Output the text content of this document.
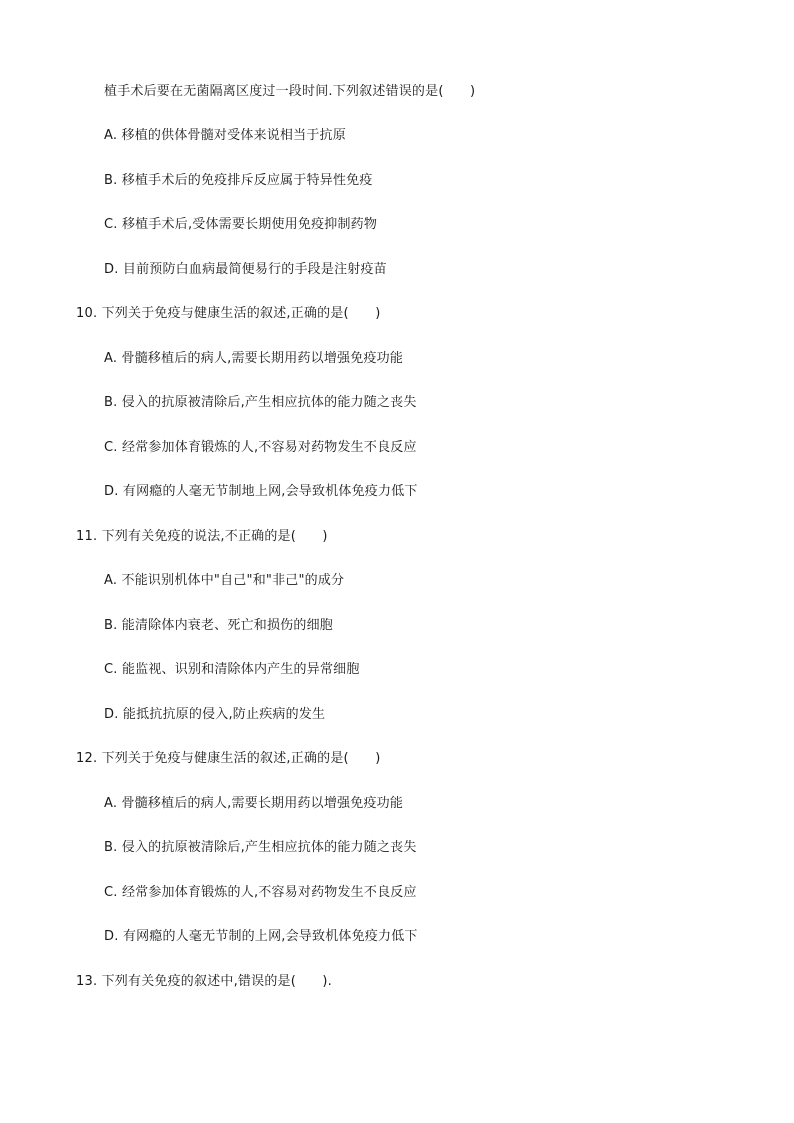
植手术后要在无菌隔离区度过一段时间.下列叙述错误的是(　　)
A. 移植的供体骨髓对受体来说相当于抗原
B. 移植手术后的免疫排斥反应属于特异性免疫
C. 移植手术后,受体需要长期使用免疫抑制药物
D. 目前预防白血病最简便易行的手段是注射疫苗
10. 下列关于免疫与健康生活的叙述,正确的是(　　)
A. 骨髓移植后的病人,需要长期用药以增强免疫功能
B. 侵入的抗原被清除后,产生相应抗体的能力随之丧失
C. 经常参加体育锻炼的人,不容易对药物发生不良反应
D. 有网瘾的人毫无节制地上网,会导致机体免疫力低下
11. 下列有关免疫的说法,不正确的是(　　)
A. 不能识别机体中"自己"和"非己"的成分
B. 能清除体内衰老、死亡和损伤的细胞
C. 能监视、识别和清除体内产生的异常细胞
D. 能抵抗抗原的侵入,防止疾病的发生
12. 下列关于免疫与健康生活的叙述,正确的是(　　)
A. 骨髓移植后的病人,需要长期用药以增强免疫功能
B. 侵入的抗原被清除后,产生相应抗体的能力随之丧失
C. 经常参加体育锻炼的人,不容易对药物发生不良反应
D. 有网瘾的人毫无节制的上网,会导致机体免疫力低下
13. 下列有关免疫的叙述中,错误的是(　　).
